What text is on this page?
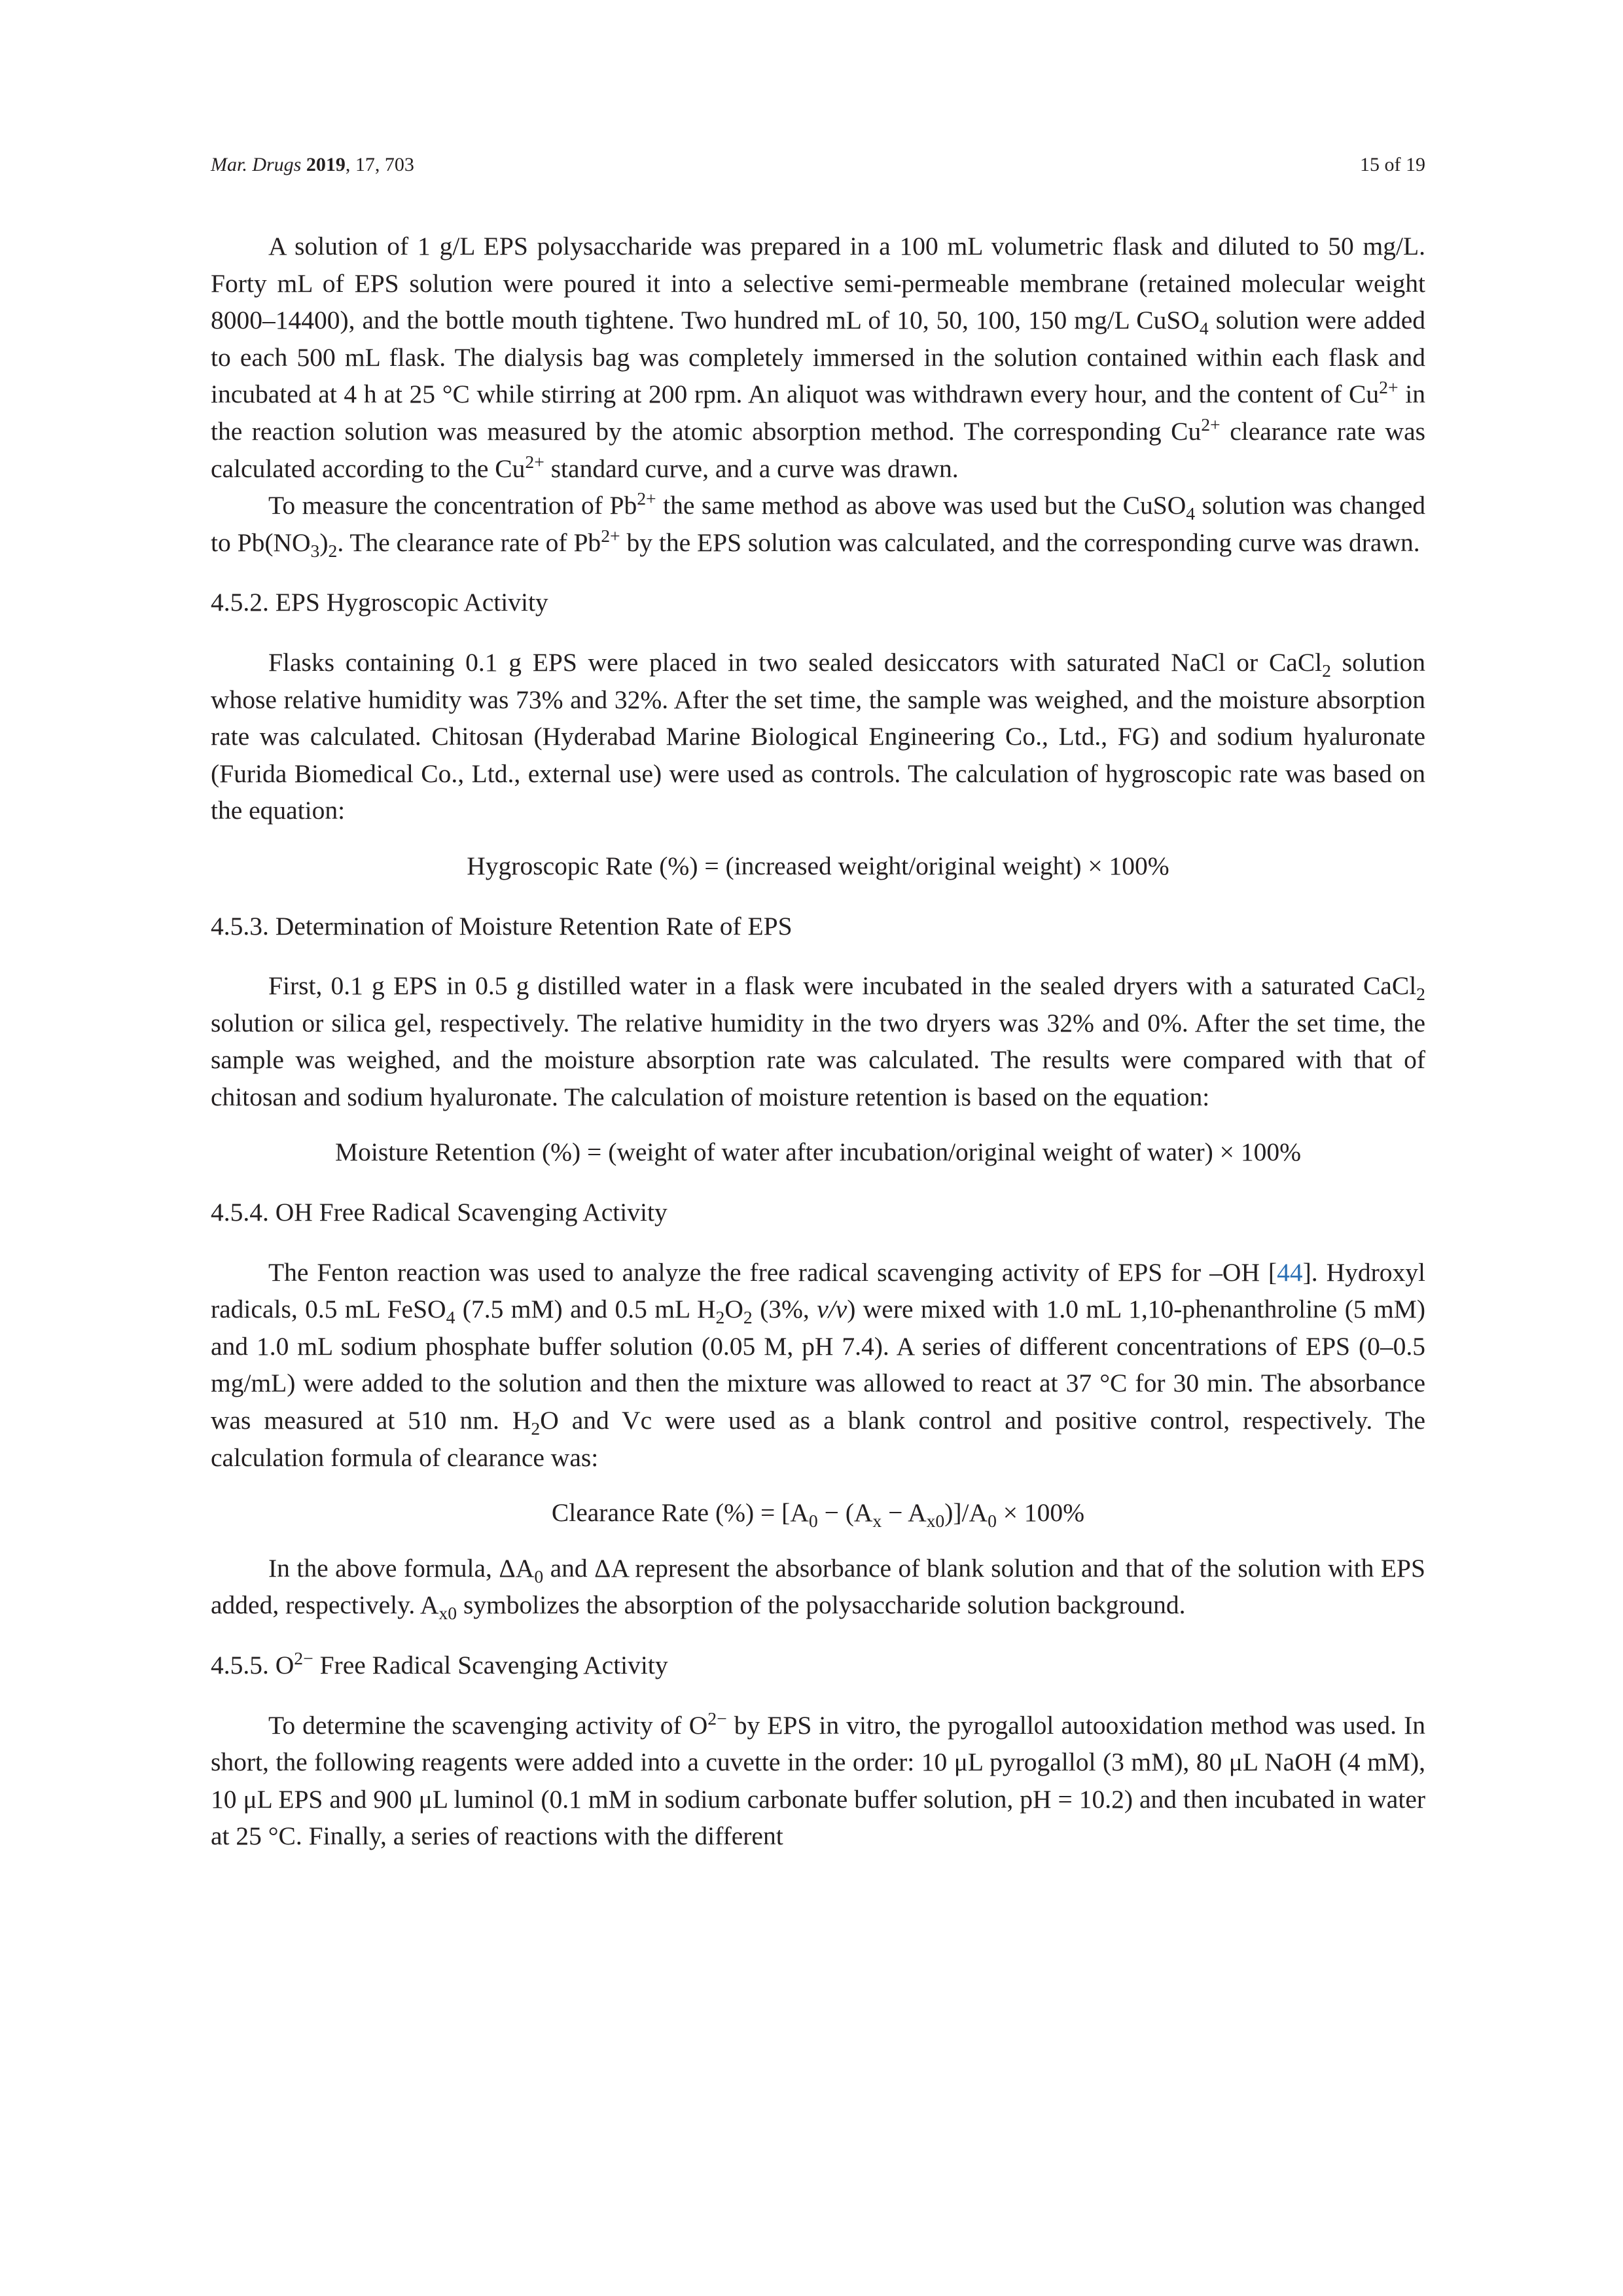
Mar. Drugs 2019, 17, 703	15 of 19

A solution of 1 g/L EPS polysaccharide was prepared in a 100 mL volumetric flask and diluted to 50 mg/L. Forty mL of EPS solution were poured it into a selective semi-permeable membrane (retained molecular weight 8000–14400), and the bottle mouth tightene. Two hundred mL of 10, 50, 100, 150 mg/L CuSO$_4$ solution were added to each 500 mL flask. The dialysis bag was completely immersed in the solution contained within each flask and incubated at 4 h at 25 °C while stirring at 200 rpm. An aliquot was withdrawn every hour, and the content of $Cu^{2+}$ in the reaction solution was measured by the atomic absorption method. The corresponding $Cu^{2+}$ clearance rate was calculated according to the $Cu^{2+}$ standard curve, and a curve was drawn.

To measure the concentration of $Pb^{2+}$ the same method as above was used but the CuSO$_4$ solution was changed to $Pb(NO_3)_2$. The clearance rate of $Pb^{2+}$ by the EPS solution was calculated, and the corresponding curve was drawn.

4.5.2. EPS Hygroscopic Activity

Flasks containing 0.1 g EPS were placed in two sealed desiccators with saturated NaCl or CaCl$_2$ solution whose relative humidity was 73% and 32%. After the set time, the sample was weighed, and the moisture absorption rate was calculated. Chitosan (Hyderabad Marine Biological Engineering Co., Ltd., FG) and sodium hyaluronate (Furida Biomedical Co., Ltd., external use) were used as controls. The calculation of hygroscopic rate was based on the equation:

Hygroscopic Rate (%) = (increased weight/original weight) × 100%

4.5.3. Determination of Moisture Retention Rate of EPS

First, 0.1 g EPS in 0.5 g distilled water in a flask were incubated in the sealed dryers with a saturated CaCl$_2$ solution or silica gel, respectively. The relative humidity in the two dryers was 32% and 0%. After the set time, the sample was weighed, and the moisture absorption rate was calculated. The results were compared with that of chitosan and sodium hyaluronate. The calculation of moisture retention is based on the equation:

Moisture Retention (%) = (weight of water after incubation/original weight of water) × 100%

4.5.4. OH Free Radical Scavenging Activity

The Fenton reaction was used to analyze the free radical scavenging activity of EPS for –OH [44]. Hydroxyl radicals, 0.5 mL FeSO$_4$ (7.5 mM) and 0.5 mL $H_2O_2$ (3%, v/v) were mixed with 1.0 mL 1,10-phenanthroline (5 mM) and 1.0 mL sodium phosphate buffer solution (0.05 M, pH 7.4). A series of different concentrations of EPS (0–0.5 mg/mL) were added to the solution and then the mixture was allowed to react at 37 °C for 30 min. The absorbance was measured at 510 nm. $H_2O$ and Vc were used as a blank control and positive control, respectively. The calculation formula of clearance was:

Clearance Rate (%) = $[A_0 - (A_x - A_{x0})]/A_0 \times 100\%$

In the above formula, $\Delta A_0$ and ΔA represent the absorbance of blank solution and that of the solution with EPS added, respectively. $A_{x0}$ symbolizes the absorption of the polysaccharide solution background.

4.5.5. $O^{2-}$ Free Radical Scavenging Activity

To determine the scavenging activity of $O^{2-}$ by EPS in vitro, the pyrogallol autooxidation method was used. In short, the following reagents were added into a cuvette in the order: 10 μL pyrogallol (3 mM), 80 μL NaOH (4 mM), 10 μL EPS and 900 μL luminol (0.1 mM in sodium carbonate buffer solution, pH = 10.2) and then incubated in water at 25 °C. Finally, a series of reactions with the different
